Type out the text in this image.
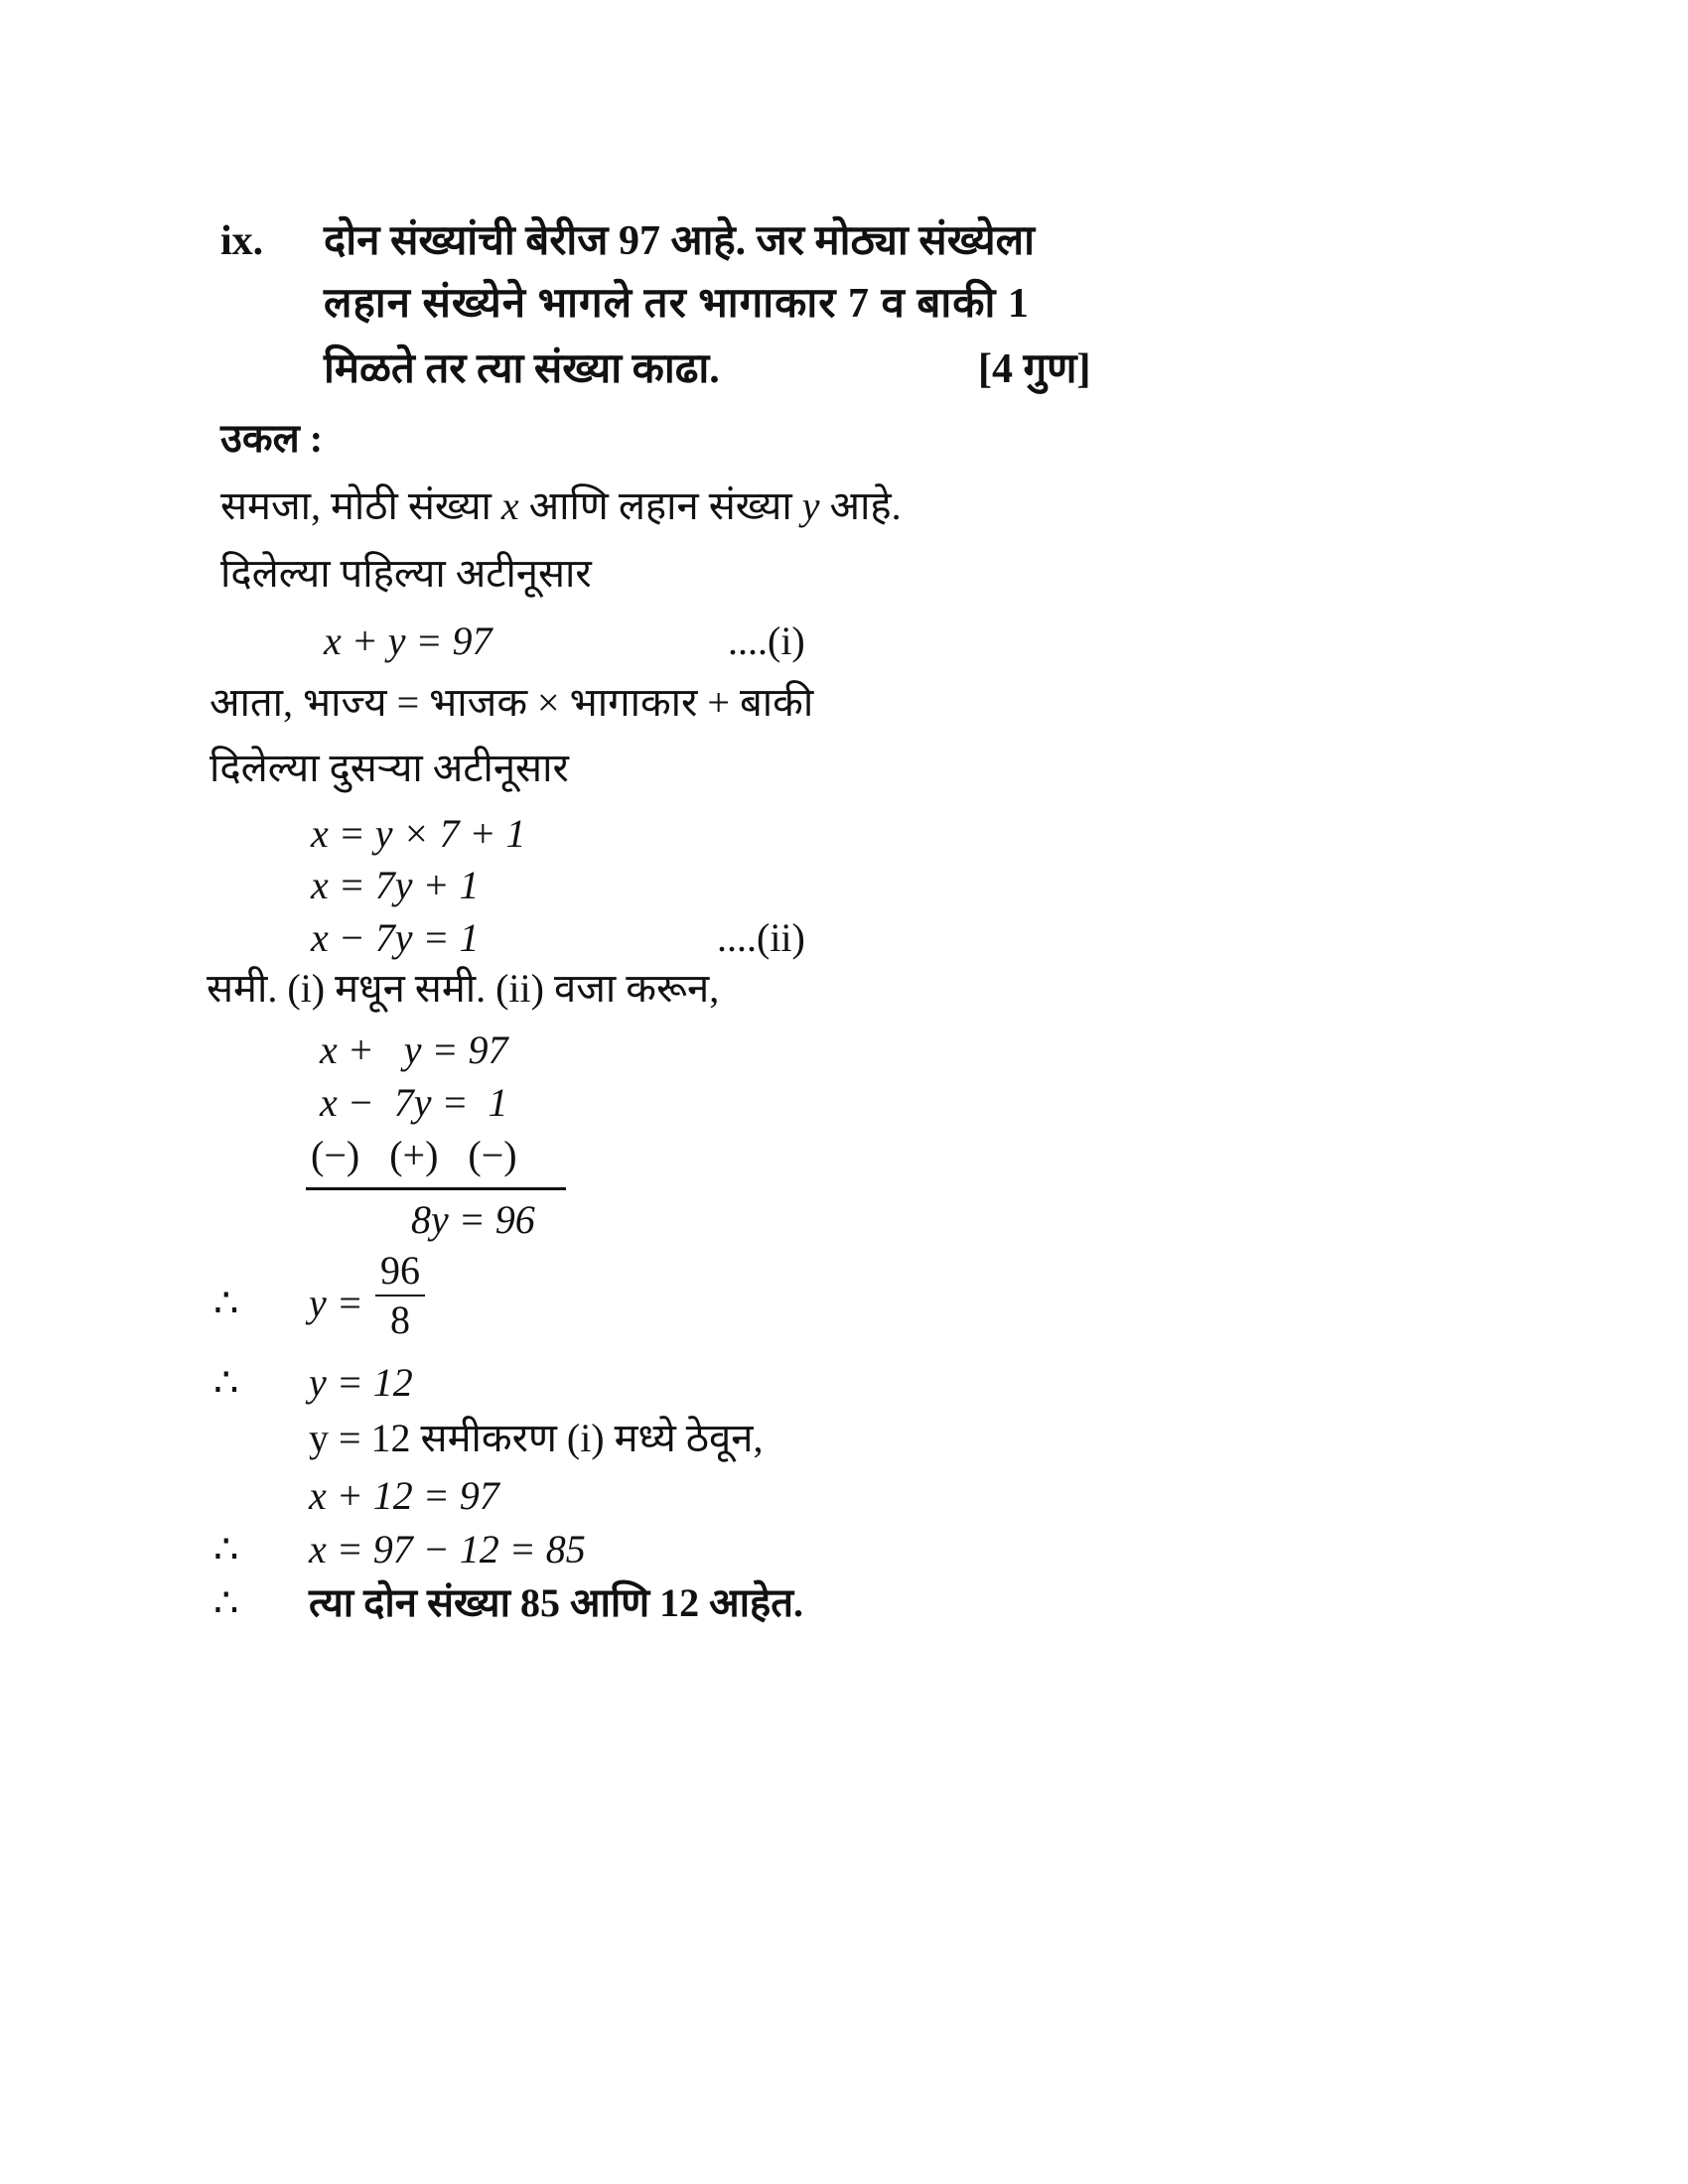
ix. दोन संख्यांची बेरीज 97 आहे. जर मोठ्या संख्येला
लहान संख्येने भागले तर भागाकार 7 व बाकी 1
मिळते तर त्या संख्या काढा.	[4 गुण]
उकल :
समजा, मोठी संख्या x आणि लहान संख्या y आहे.
दिलेल्या पहिल्या अटीनूसार
x + y = 97	....(i)
आता, भाज्य = भाजक × भागाकार + बाकी
दिलेल्या दुसऱ्या अटीनूसार
x = y × 7 + 1
x = 7y + 1
x − 7y = 1	....(ii)
समी. (i) मधून समी. (ii) वजा करून,
x +   y = 97
x −  7y =  1
(−)   (+)   (−)
8y = 96
∴ y =
96
8
∴ y = 12
y = 12 समीकरण (i) मध्ये ठेवून,
x + 12 = 97
∴ x = 97 − 12 = 85
∴ त्या दोन संख्या 85 आणि 12 आहेत.
